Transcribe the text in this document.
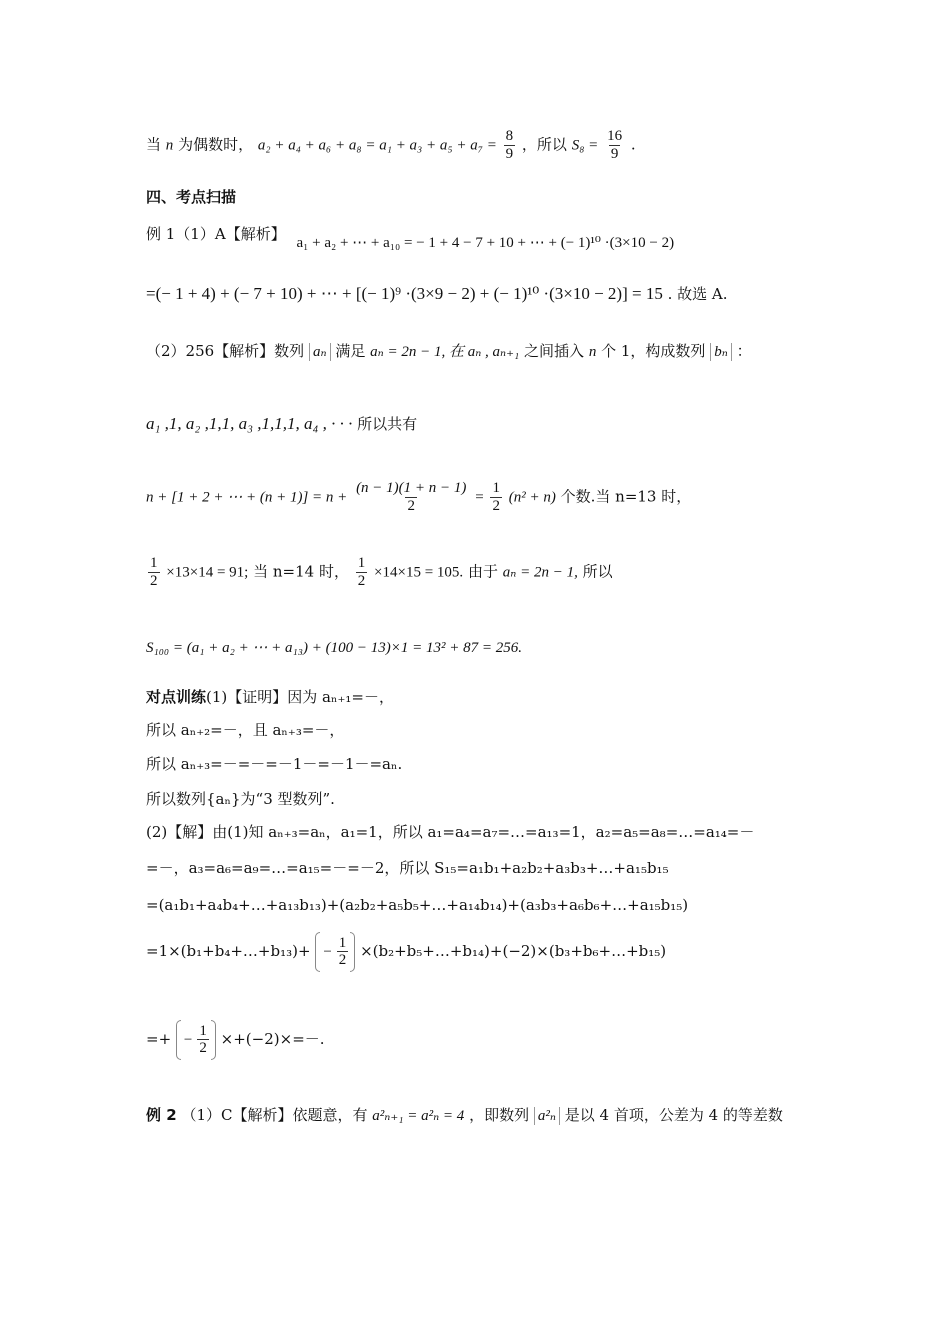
当 n 为偶数时， $a_2 + a_4 + a_6 + a_8 = a_1 + a_3 + a_5 + a_7 = \frac{8}{9}$ ，所以 $S_8 = \frac{16}{9}$ .
四、考点扫描
例 1（1）A【解析】 a₁ + a₂ + ⋯ + a₁₀ = − 1 + 4 − 7 + 10 + ⋯ + (− 1)¹⁰ ·(3×10 − 2)
=(− 1 + 4) + (− 7 + 10) + ⋯ + [(− 1)⁹ ·(3×9 − 2) + (− 1)¹⁰ ·(3×10 − 2)] = 15 . 故选 A.
（2）256【解析】数列 aₙ 满足 aₙ = 2n − 1, 在 aₙ , aₙ₊₁ 之间插入 n 个 1，构成数列 bₙ ：
a₁ ,1, a₂ ,1,1, a₃ ,1,1,1, a₄ , · · · 所以共有
n + [1 + 2 + ⋯ + $(n + 1)] = n + \frac{(n - 1)(1 + n - 1)}{2} = \frac{1}{2} (n^2 + n)$ 个数.当 n=13 时，
$\frac{1}{2} \times 13\times 14 = 91$; 当 n=14 时， $\frac{1}{2} \times 14\times 15 = 105$. 由于 aₙ = 2n − 1, 所以
S₁₀₀ = (a₁ + a₂ + ⋯ + a₁₃) + (100 − 13)×1 = 13² + 87 = 256.
对点训练(1)【证明】因为 aₙ₊₁=－，
所以 aₙ₊₂=－，且 aₙ₊₃=－，
所以 aₙ₊₃=－=－=－1－=－1－=aₙ.
所以数列{aₙ}为“3 型数列”.
(2)【解】由(1)知 aₙ₊₃=aₙ，a₁=1，所以 a₁=a₄=a₇=…=a₁₃=1，a₂=a₅=a₈=…=a₁₄=－
=－，a₃=a₆=a₉=…=a₁₅=－=－2，所以 S₁₅=a₁b₁+a₂b₂+a₃b₃+…+a₁₅b₁₅
=(a₁b₁+a₄b₄+…+a₁₃b₁₃)+(a₂b₂+a₅b₅+…+a₁₄b₁₄)+(a₃b₃+a₆b₆+…+a₁₅b₁₅)
=1×(b₁+b₄+…+b₁₃)+ − $\frac{1}{2}$ ×(b₂+b₅+…+b₁₄)+(−2)×(b₃+b₆+…+b₁₅)
=+ − $\frac{1}{2} \times+(-2)\times=-$.
例 2 （1）C【解析】依题意，有 a²ₙ₊₁ = a²ₙ = 4 ，即数列 a²ₙ 是以 4 首项，公差为 4 的等差数
